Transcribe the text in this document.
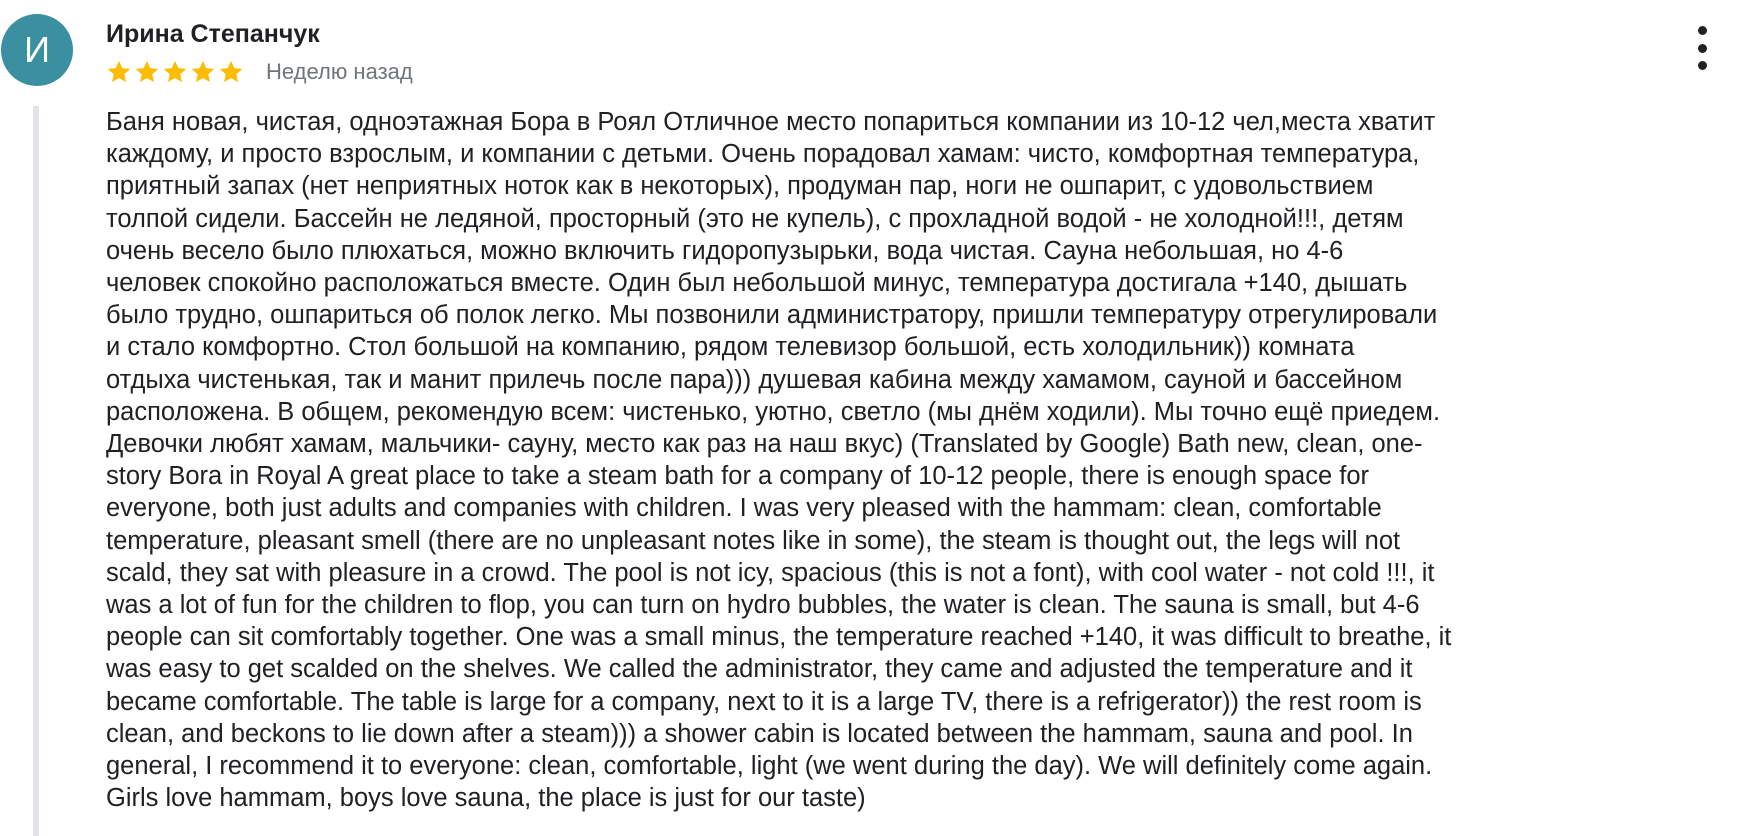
И	Ирина Степанчук
Неделю назад

Баня новая, чистая, одноэтажная Бора в Роял Отличное место попариться компании из 10-12 чел,места хватит
каждому, и просто взрослым, и компании с детьми. Очень порадовал хамам: чисто, комфортная температура,
приятный запах (нет неприятных ноток как в некоторых), продуман пар, ноги не ошпарит, с удовольствием
толпой сидели. Бассейн не ледяной, просторный (это не купель), с прохладной водой - не холодной!!!, детям
очень весело было плюхаться, можно включить гидоропузырьки, вода чистая. Сауна небольшая, но 4-6
человек спокойно расположаться вместе. Один был небольшой минус, температура достигала +140, дышать
было трудно, ошпариться об полок легко. Мы позвонили администратору, пришли температуру отрегулировали
и стало комфортно. Стол большой на компанию, рядом телевизор большой, есть холодильник)) комната
отдыха чистенькая, так и манит прилечь после пара))) душевая кабина между хамамом, сауной и бассейном
расположена. В общем, рекомендую всем: чистенько, уютно, светло (мы днём ходили). Мы точно ещё приедем.
Девочки любят хамам, мальчики- сауну, место как раз на наш вкус) (Translated by Google) Bath new, clean, one-
story Bora in Royal A great place to take a steam bath for a company of 10-12 people, there is enough space for
everyone, both just adults and companies with children. I was very pleased with the hammam: clean, comfortable
temperature, pleasant smell (there are no unpleasant notes like in some), the steam is thought out, the legs will not
scald, they sat with pleasure in a crowd. The pool is not icy, spacious (this is not a font), with cool water - not cold !!!, it
was a lot of fun for the children to flop, you can turn on hydro bubbles, the water is clean. The sauna is small, but 4-6
people can sit comfortably together. One was a small minus, the temperature reached +140, it was difficult to breathe, it
was easy to get scalded on the shelves. We called the administrator, they came and adjusted the temperature and it
became comfortable. The table is large for a company, next to it is a large TV, there is a refrigerator)) the rest room is
clean, and beckons to lie down after a steam))) a shower cabin is located between the hammam, sauna and pool. In
general, I recommend it to everyone: clean, comfortable, light (we went during the day). We will definitely come again.
Girls love hammam, boys love sauna, the place is just for our taste)
